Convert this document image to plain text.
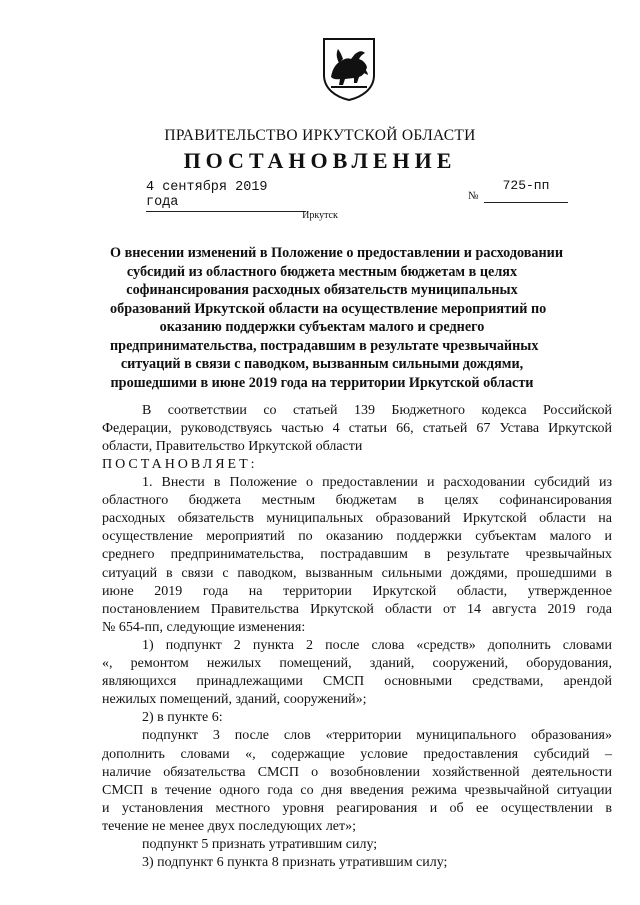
ПРАВИТЕЛЬСТВО ИРКУТСКОЙ ОБЛАСТИ
ПОСТАНОВЛЕНИЕ
4 сентября 2019 года	№
725-пп
Иркутск
О внесении изменений в Положение о предоставлении и расходовании
субсидий из областного бюджета местным бюджетам в целях
софинансирования расходных обязательств муниципальных
образований Иркутской области на осуществление мероприятий по
оказанию поддержки субъектам малого и среднего
предпринимательства, пострадавшим в результате чрезвычайных
ситуаций в связи с паводком, вызванным сильными дождями,
прошедшими в июне 2019 года на территории Иркутской области
В соответствии со статьей 139 Бюджетного кодекса Российской
Федерации, руководствуясь частью 4 статьи 66, статьей 67 Устава Иркутской
области, Правительство Иркутской области
ПОСТАНОВЛЯЕТ:
1. Внести в Положение о предоставлении и расходовании субсидий из
областного бюджета местным бюджетам в целях софинансирования
расходных обязательств муниципальных образований Иркутской области на
осуществление мероприятий по оказанию поддержки субъектам малого и
среднего предпринимательства, пострадавшим в результате чрезвычайных
ситуаций в связи с паводком, вызванным сильными дождями, прошедшими в
июне 2019 года на территории Иркутской области, утвержденное
постановлением Правительства Иркутской области от 14 августа 2019 года
№ 654-пп, следующие изменения:
1) подпункт 2 пункта 2 после слова «средств» дополнить словами
«, ремонтом нежилых помещений, зданий, сооружений, оборудования,
являющихся принадлежащими СМСП основными средствами, арендой
нежилых помещений, зданий, сооружений»;
2) в пункте 6:
подпункт 3 после слов «территории муниципального образования»
дополнить словами «, содержащие условие предоставления субсидий –
наличие обязательства СМСП о возобновлении хозяйственной деятельности
СМСП в течение одного года со дня введения режима чрезвычайной ситуации
и установления местного уровня реагирования и об ее осуществлении в
течение не менее двух последующих лет»;
подпункт 5 признать утратившим силу;
3) подпункт 6 пункта 8 признать утратившим силу;
